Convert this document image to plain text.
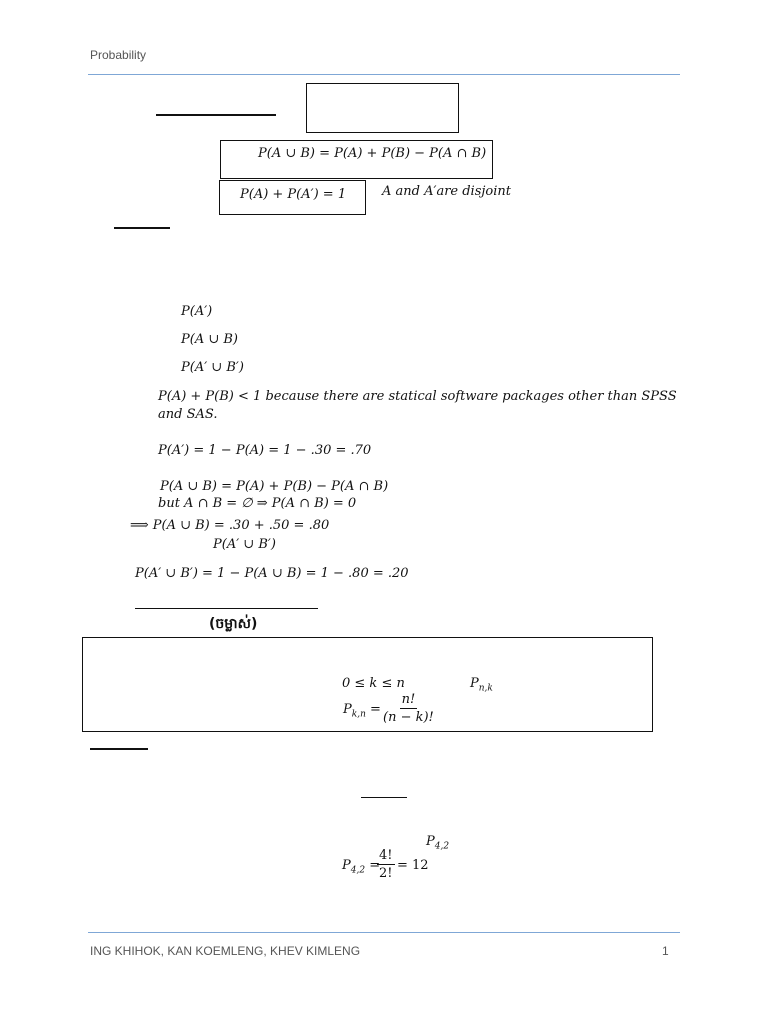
Probability
P(A ∪ B) = P(A) + P(B) − P(A ∩ B)
P(A) + P(A′) = 1	A and A′are disjoint
P(A′)
P(A ∪ B)
P(A′ ∪ B′)
P(A) + P(B) < 1 because there are statical software packages other than SPSS
and SAS.
P(A′) = 1 − P(A) = 1 − .30 = .70
P(A ∪ B) = P(A) + P(B) − P(A ∩ B)
but A ∩ B = ∅ ⇒ P(A ∩ B) = 0
⟹ P(A ∪ B) = .30 + .50 = .80
P(A′ ∪ B′)
P(A′ ∪ B′) = 1 − P(A ∪ B) = 1 − .80 = .20
(ចម្លាស់)
0 ≤ k ≤ n	$P_{n,k}$
$P_{k,n} = \frac{n!}{(n - k)!}$
$P_{4,2}$
$P_{4,2}$ =
$\frac{4!}{2!} = 12$
ING KHIHOK, KAN KOEMLENG, KHEV KIMLENG	1
